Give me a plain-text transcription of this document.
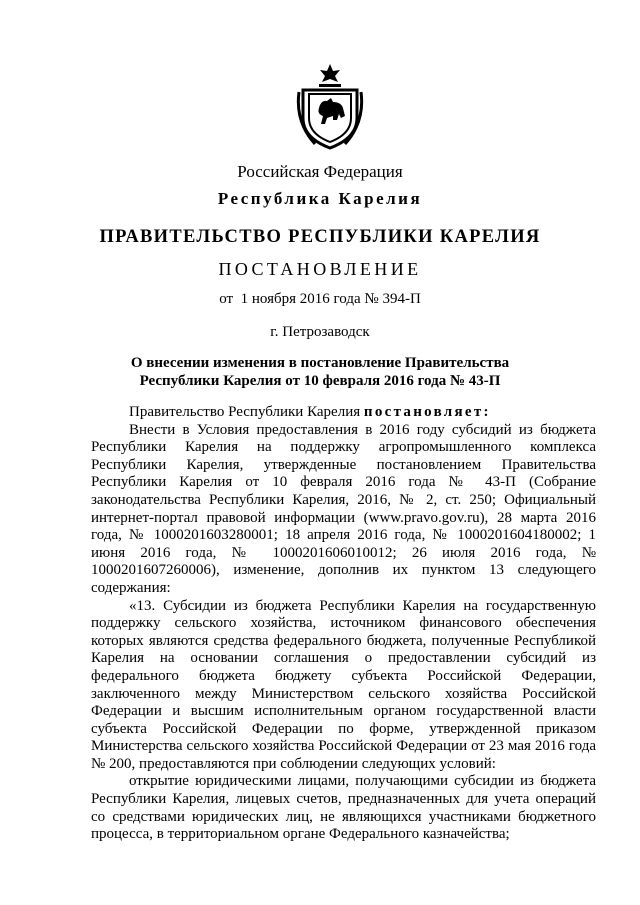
Российская Федерация
Республика Карелия
ПРАВИТЕЛЬСТВО РЕСПУБЛИКИ КАРЕЛИЯ
ПОСТАНОВЛЕНИЕ
от  1 ноября 2016 года № 394-П
г. Петрозаводск
О внесении изменения в постановление Правительства
Республики Карелия от 10 февраля 2016 года № 43-П

Правительство Республики Карелия постановляет:

Внести в Условия предоставления в 2016 году субсидий из бюджета Республики Карелия на поддержку агропромышленного комплекса Республики Карелия, утвержденные постановлением Правительства Республики Карелия от 10 февраля 2016 года № 43-П (Собрание законодательства Республики Карелия, 2016, № 2, ст. 250; Официальный интернет-портал правовой информации (www.pravo.gov.ru), 28 марта 2016 года, № 1000201603280001; 18 апреля 2016 года, № 1000201604180002; 1 июня 2016 года, № 1000201606010012; 26 июля 2016 года, № 1000201607260006), изменение, дополнив их пунктом 13 следующего содержания:

«13. Субсидии из бюджета Республики Карелия на государственную поддержку сельского хозяйства, источником финансового обеспечения которых являются средства федерального бюджета, полученные Республикой Карелия на основании соглашения о предоставлении субсидий из федерального бюджета бюджету субъекта Российской Федерации, заключенного между Министерством сельского хозяйства Российской Федерации и высшим исполнительным органом государственной власти субъекта Российской Федерации по форме, утвержденной приказом Министерства сельского хозяйства Российской Федерации от 23 мая 2016 года № 200, предоставляются при соблюдении следующих условий:

открытие юридическими лицами, получающими субсидии из бюджета Республики Карелия, лицевых счетов, предназначенных для учета операций со средствами юридических лиц, не являющихся участниками бюджетного процесса, в территориальном органе Федерального казначейства;
